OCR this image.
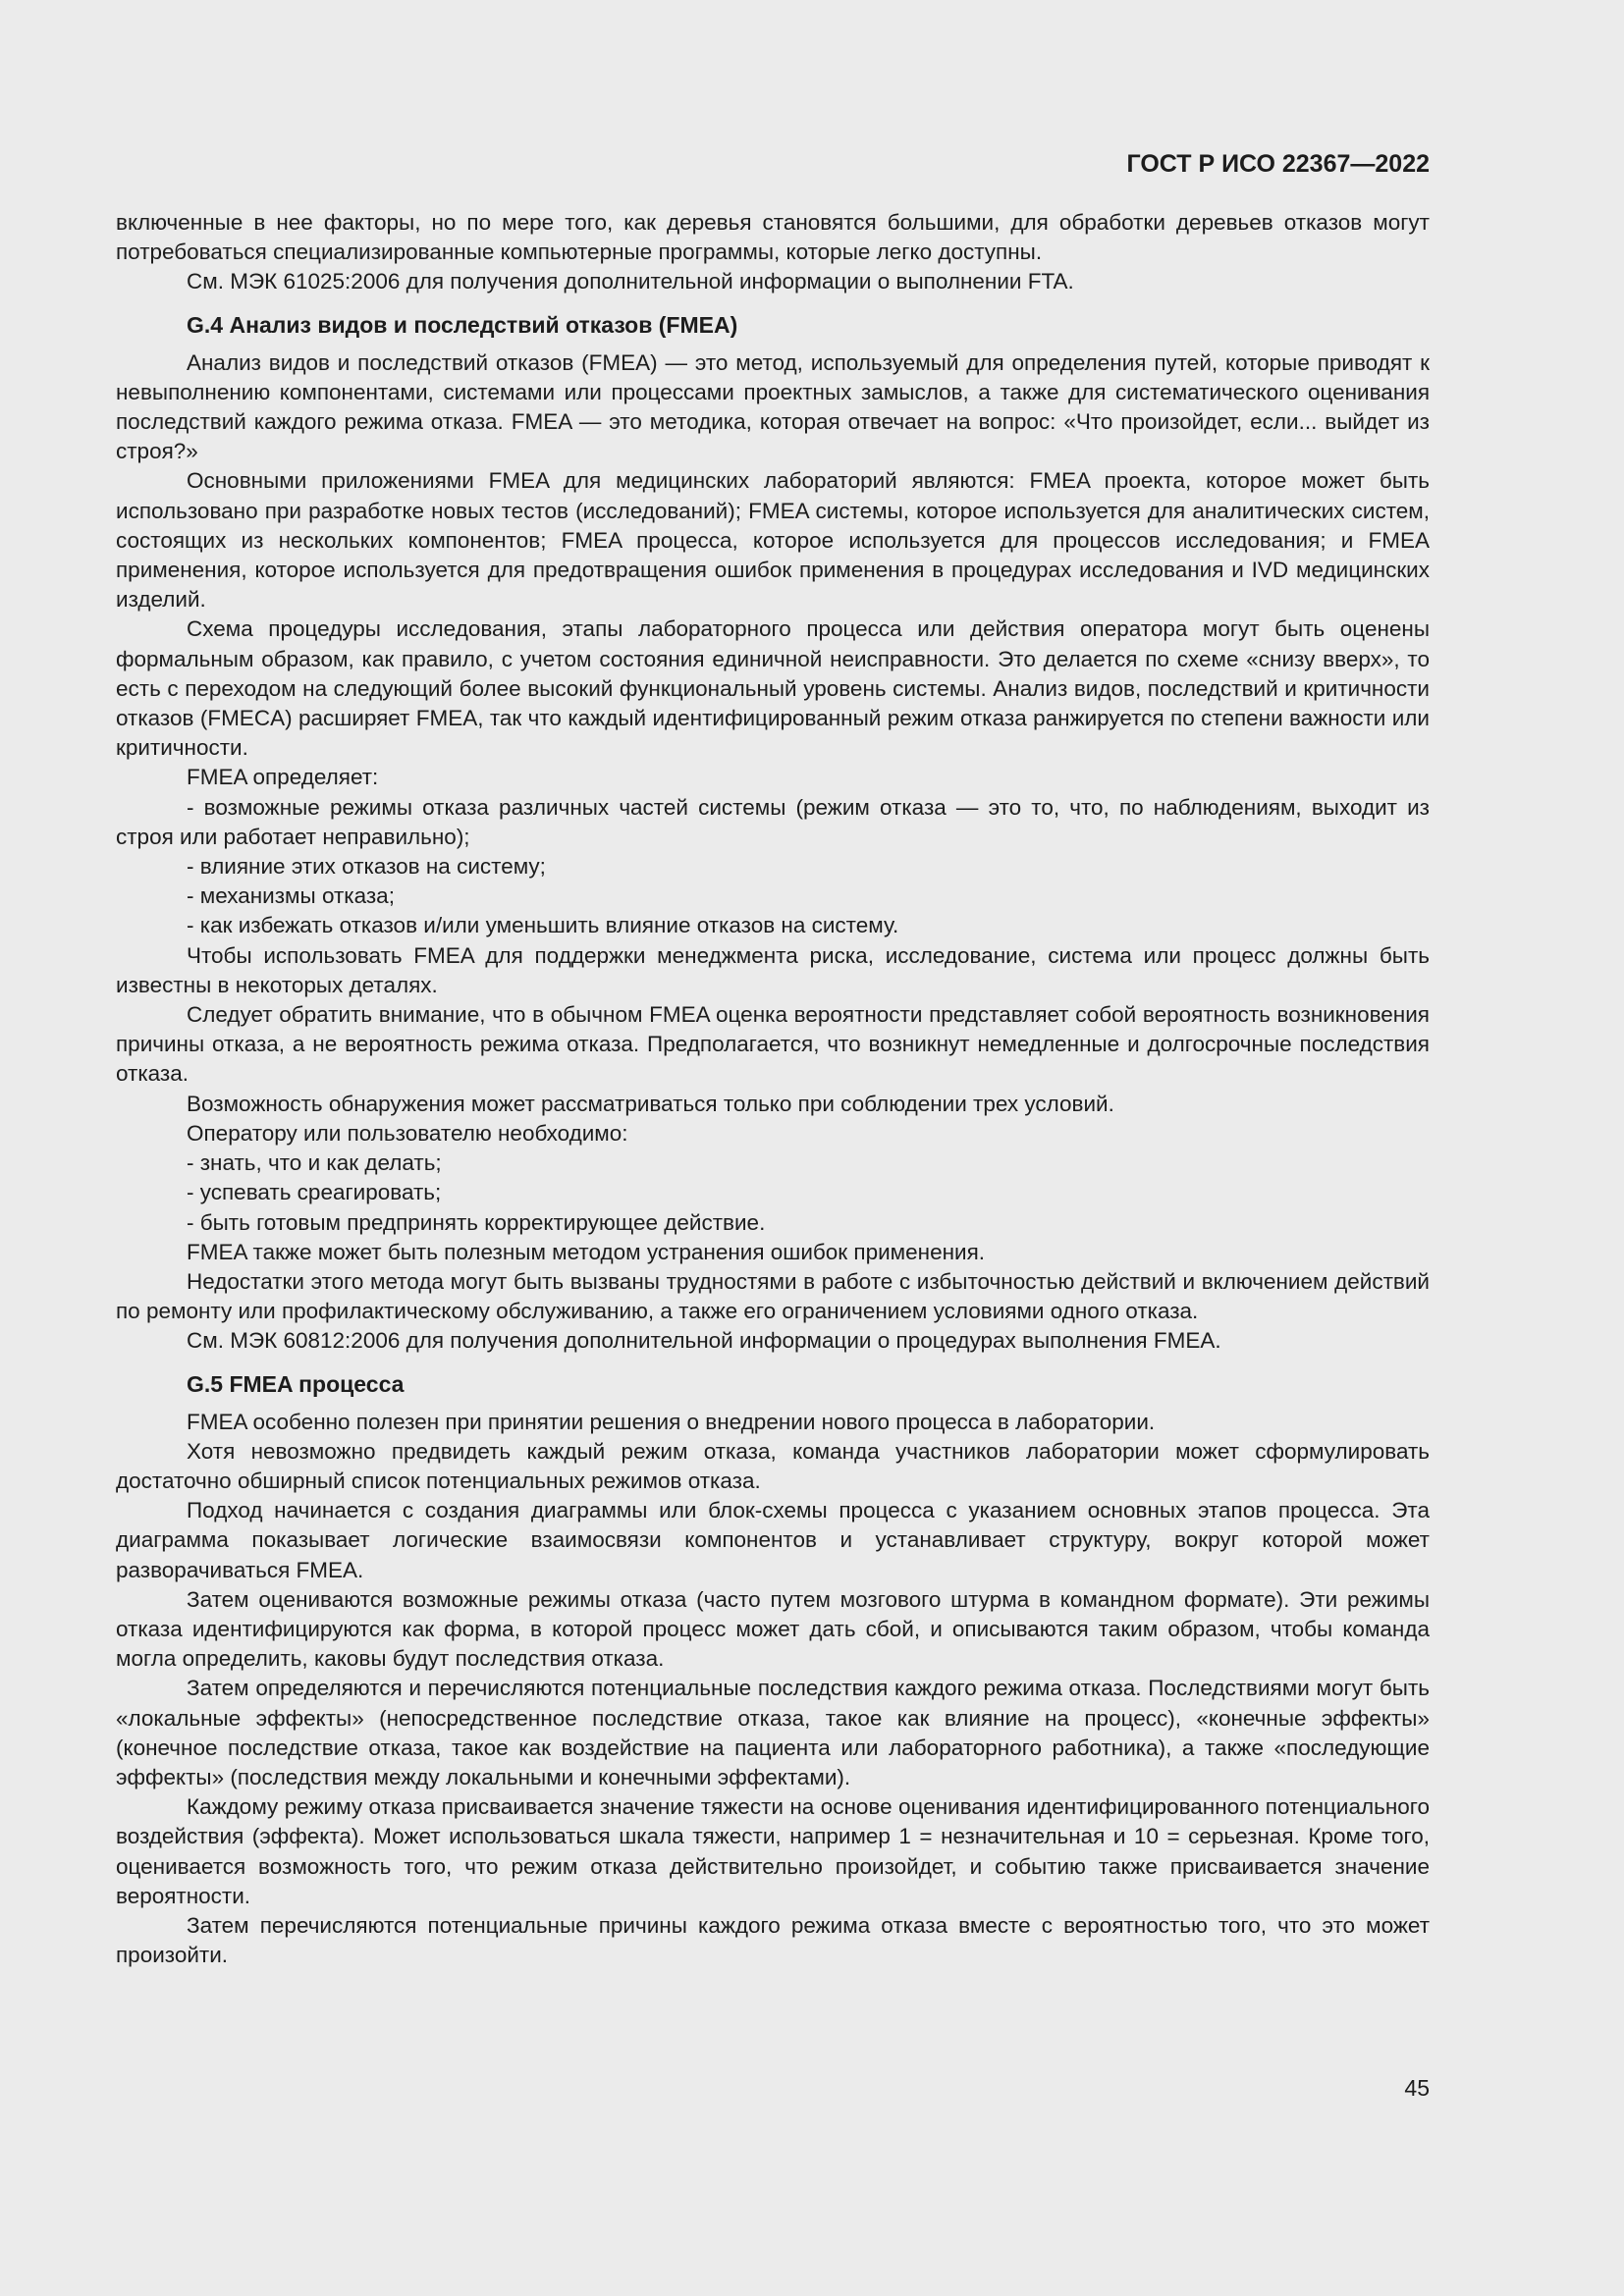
ГОСТ Р ИСО 22367—2022

включенные в нее факторы, но по мере того, как деревья становятся большими, для обработки деревьев отказов могут потребоваться специализированные компьютерные программы, которые легко доступны.

См. МЭК 61025:2006 для получения дополнительной информации о выполнении FTA.

G.4 Анализ видов и последствий отказов (FMEA)

Анализ видов и последствий отказов (FMEA) — это метод, используемый для определения путей, которые приводят к невыполнению компонентами, системами или процессами проектных замыслов, а также для систематического оценивания последствий каждого режима отказа. FMEA — это методика, которая отвечает на вопрос: «Что произойдет, если... выйдет из строя?»

Основными приложениями FMEA для медицинских лабораторий являются: FMEA проекта, которое может быть использовано при разработке новых тестов (исследований); FMEA системы, которое используется для аналитических систем, состоящих из нескольких компонентов; FMEA процесса, которое используется для процессов исследования; и FMEA применения, которое используется для предотвращения ошибок применения в процедурах исследования и IVD медицинских изделий.

Схема процедуры исследования, этапы лабораторного процесса или действия оператора могут быть оценены формальным образом, как правило, с учетом состояния единичной неисправности. Это делается по схеме «снизу вверх», то есть с переходом на следующий более высокий функциональный уровень системы. Анализ видов, последствий и критичности отказов (FMECA) расширяет FMEA, так что каждый идентифицированный режим отказа ранжируется по степени важности или критичности.

FMEA определяет:

- возможные режимы отказа различных частей системы (режим отказа — это то, что, по наблюдениям, выходит из строя или работает неправильно);

- влияние этих отказов на систему;

- механизмы отказа;

- как избежать отказов и/или уменьшить влияние отказов на систему.

Чтобы использовать FMEA для поддержки менеджмента риска, исследование, система или процесс должны быть известны в некоторых деталях.

Следует обратить внимание, что в обычном FMEA оценка вероятности представляет собой вероятность возникновения причины отказа, а не вероятность режима отказа. Предполагается, что возникнут немедленные и долгосрочные последствия отказа.

Возможность обнаружения может рассматриваться только при соблюдении трех условий.

Оператору или пользователю необходимо:

- знать, что и как делать;

- успевать среагировать;

- быть готовым предпринять корректирующее действие.

FMEA также может быть полезным методом устранения ошибок применения.

Недостатки этого метода могут быть вызваны трудностями в работе с избыточностью действий и включением действий по ремонту или профилактическому обслуживанию, а также его ограничением условиями одного отказа.

См. МЭК 60812:2006 для получения дополнительной информации о процедурах выполнения FMEA.

G.5 FMEA процесса

FMEA особенно полезен при принятии решения о внедрении нового процесса в лаборатории.

Хотя невозможно предвидеть каждый режим отказа, команда участников лаборатории может сформулировать достаточно обширный список потенциальных режимов отказа.

Подход начинается с создания диаграммы или блок-схемы процесса с указанием основных этапов процесса. Эта диаграмма показывает логические взаимосвязи компонентов и устанавливает структуру, вокруг которой может разворачиваться FMEA.

Затем оцениваются возможные режимы отказа (часто путем мозгового штурма в командном формате). Эти режимы отказа идентифицируются как форма, в которой процесс может дать сбой, и описываются таким образом, чтобы команда могла определить, каковы будут последствия отказа.

Затем определяются и перечисляются потенциальные последствия каждого режима отказа. Последствиями могут быть «локальные эффекты» (непосредственное последствие отказа, такое как влияние на процесс), «конечные эффекты» (конечное последствие отказа, такое как воздействие на пациента или лабораторного работника), а также «последующие эффекты» (последствия между локальными и конечными эффектами).

Каждому режиму отказа присваивается значение тяжести на основе оценивания идентифицированного потенциального воздействия (эффекта). Может использоваться шкала тяжести, например 1 = незначительная и 10 = серьезная. Кроме того, оценивается возможность того, что режим отказа действительно произойдет, и событию также присваивается значение вероятности.

Затем перечисляются потенциальные причины каждого режима отказа вместе с вероятностью того, что это может произойти.

45
